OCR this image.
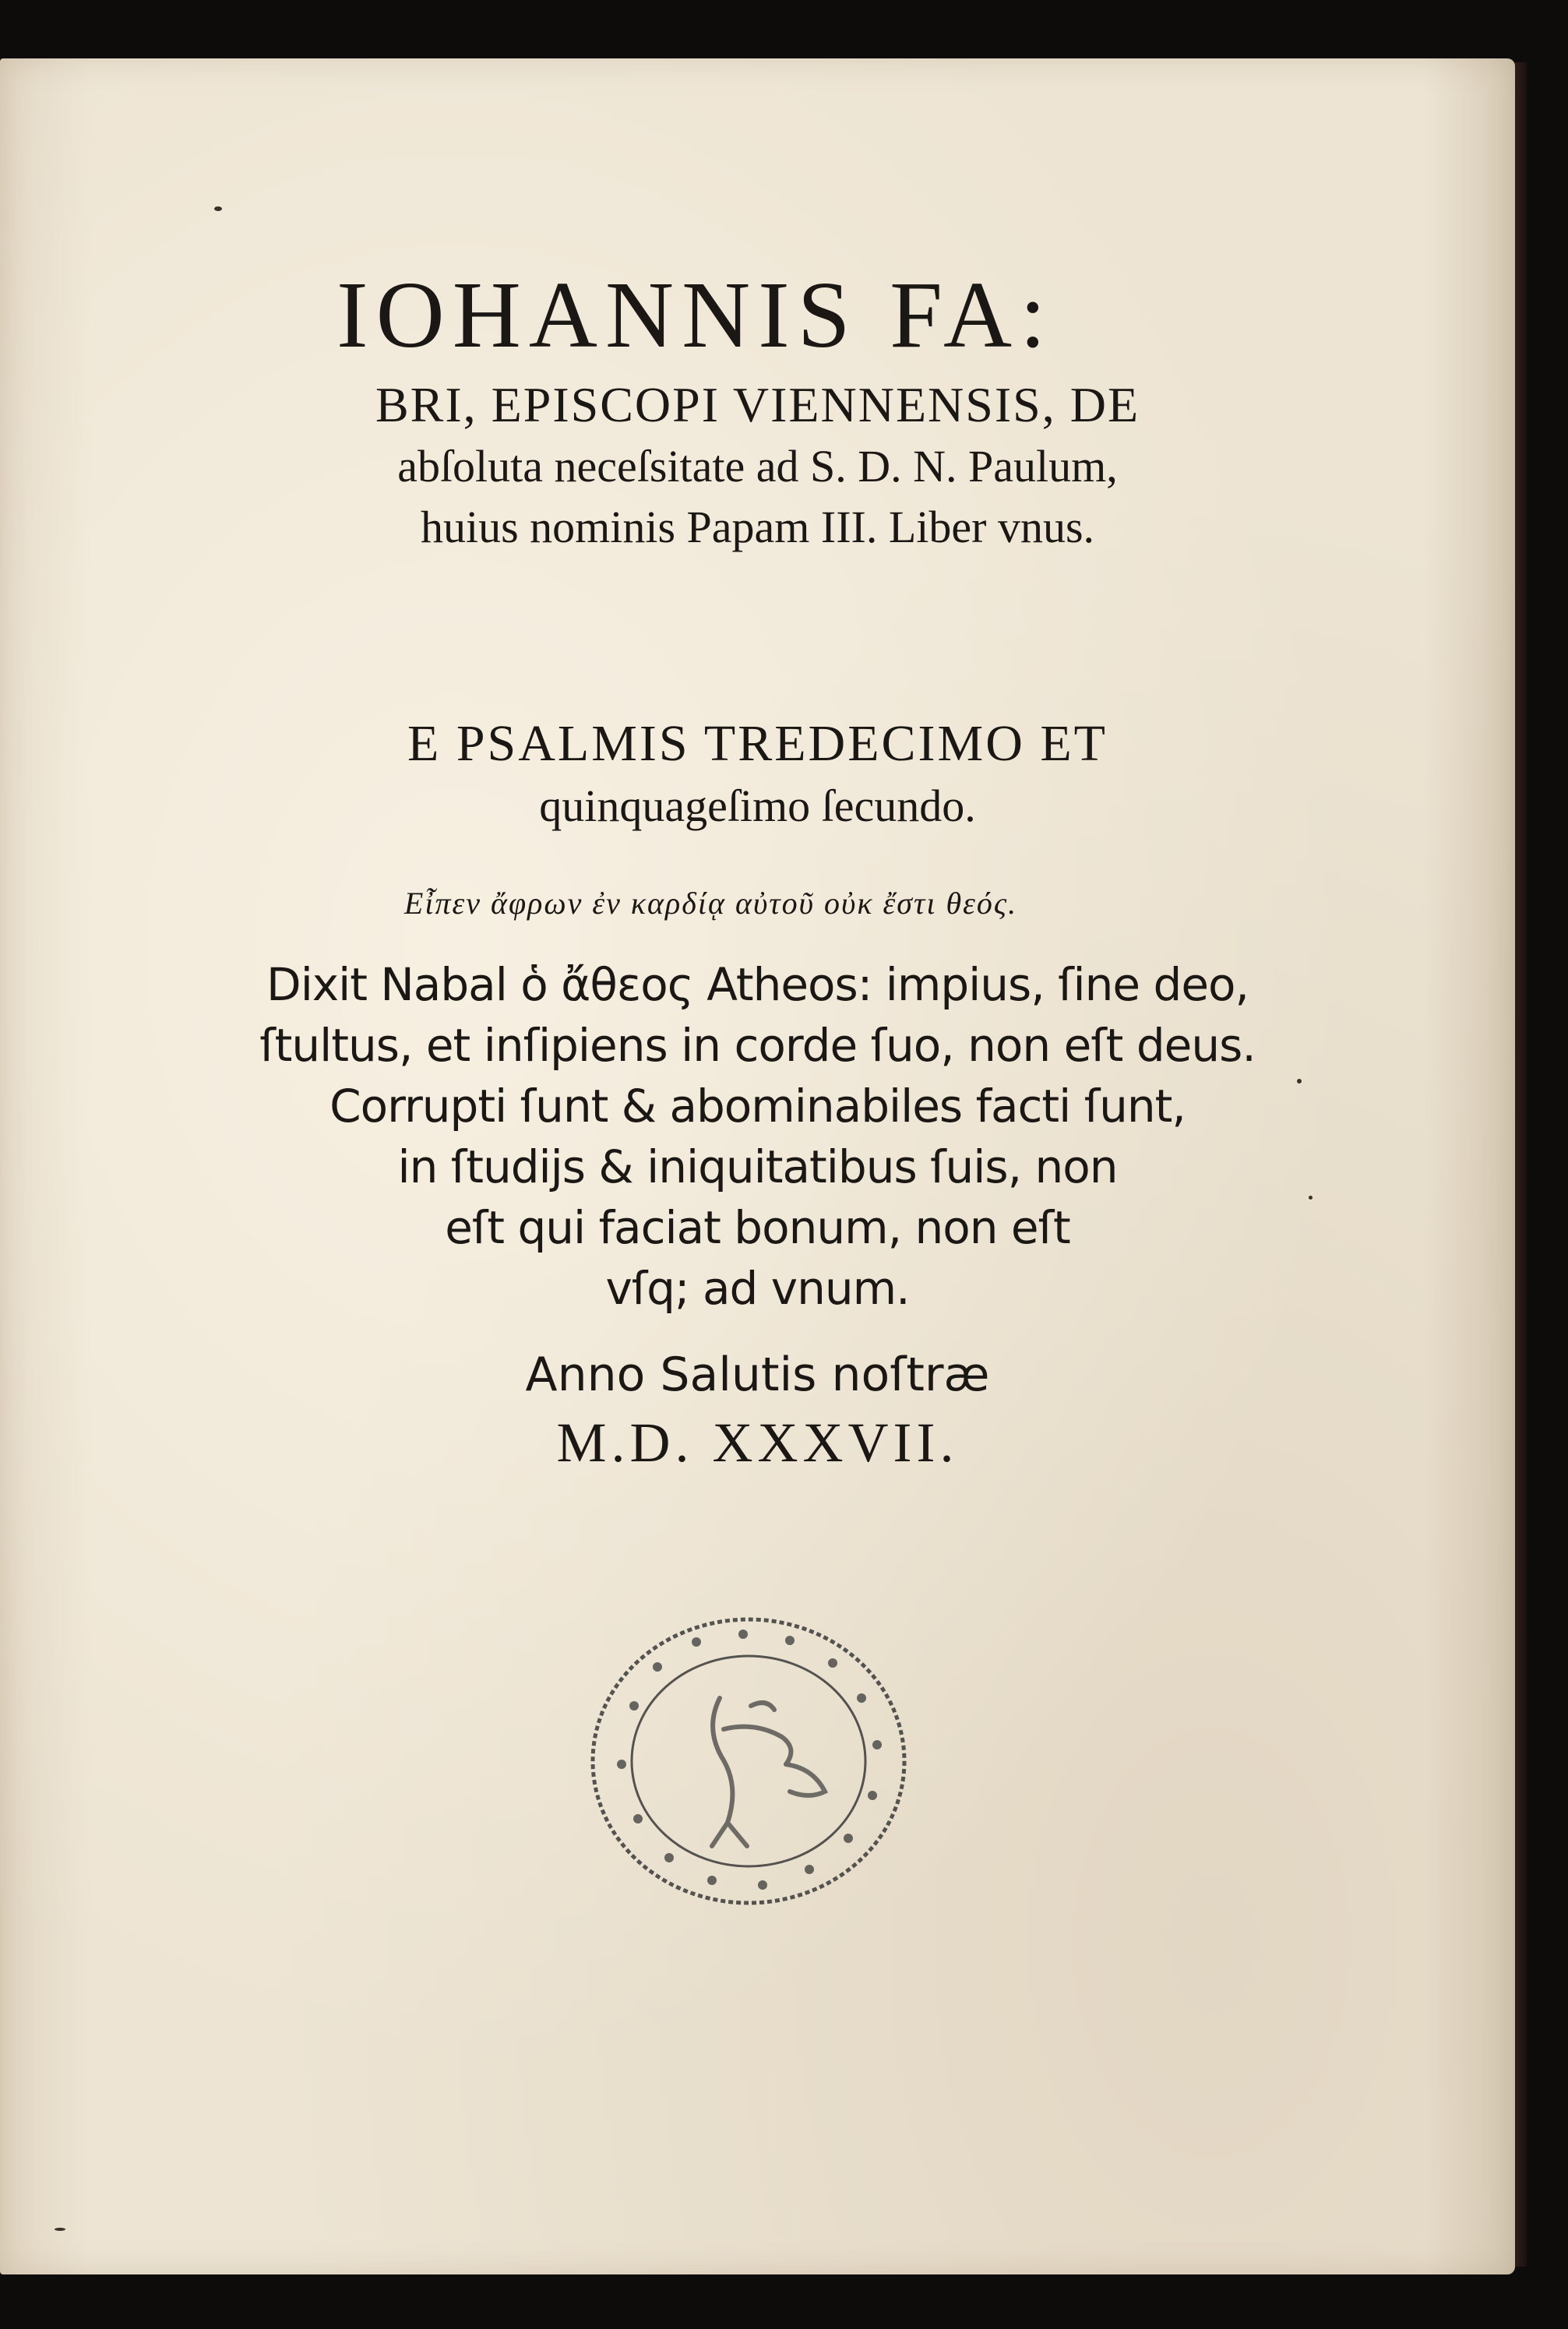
IOHANNIS FA:
BRI, EPISCOPI VIENNENSIS, DE
abſoluta neceſsitate ad S. D. N. Paulum,
huius nominis Papam III. Liber vnus.
E PSALMIS TREDECIMO ET
quinquageſimo ſecundo.
Εἶπεν ἄφρων ἐν καρδίᾳ αὐτοῦ οὐκ ἔστι θεός.
Dixit Nabal ὁ ἄθεος Atheos: impius, ſine deo,
ſtultus, et inſipiens in corde ſuo, non eſt deus.
Corrupti ſunt & abominabiles facti ſunt,
in ſtudijs & iniquitatibus ſuis, non
eſt qui faciat bonum, non eſt
vſq; ad vnum.
Anno Salutis noſtræ
M.D. XXXVII.
